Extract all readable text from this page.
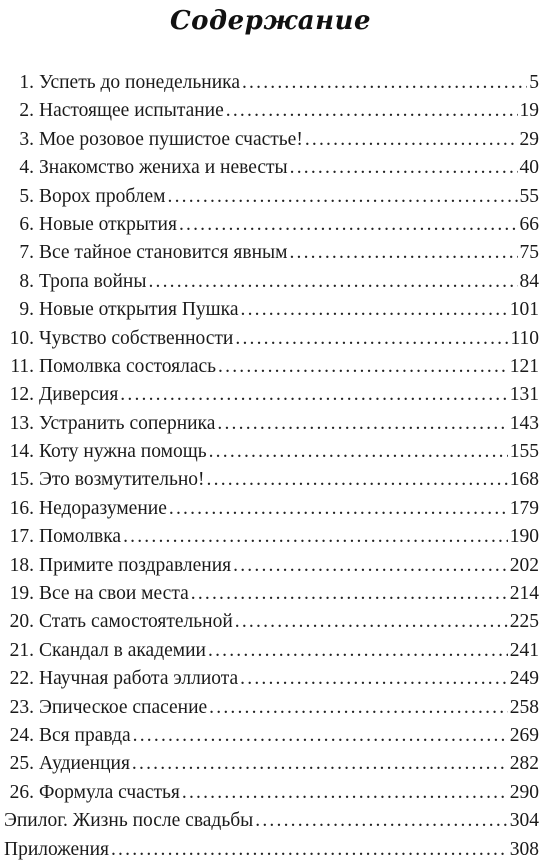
Содержание
1. Успеть до понедельника .....	5
2. Настоящее испытание .....	19
3. Мое розовое пушистое счастье! .....	29
4. Знакомство жениха и невесты .....	40
5. Ворох проблем .....	55
6. Новые открытия .....	66
7. Все тайное становится явным .....	75
8. Тропа войны .....	84
9. Новые открытия Пушка .....	101
10. Чувство собственности .....	110
11. Помолвка состоялась .....	121
12. Диверсия .....	131
13. Устранить соперника .....	143
14. Коту нужна помощь .....	155
15. Это возмутительно! .....	168
16. Недоразумение .....	179
17. Помолвка .....	190
18. Примите поздравления .....	202
19. Все на свои места .....	214
20. Стать самостоятельной .....	225
21. Скандал в академии .....	241
22. Научная работа эллиота .....	249
23. Эпическое спасение .....	258
24. Вся правда .....	269
25. Аудиенция .....	282
26. Формула счастья .....	290
Эпилог. Жизнь после свадьбы .....	304
Приложения .....	308
